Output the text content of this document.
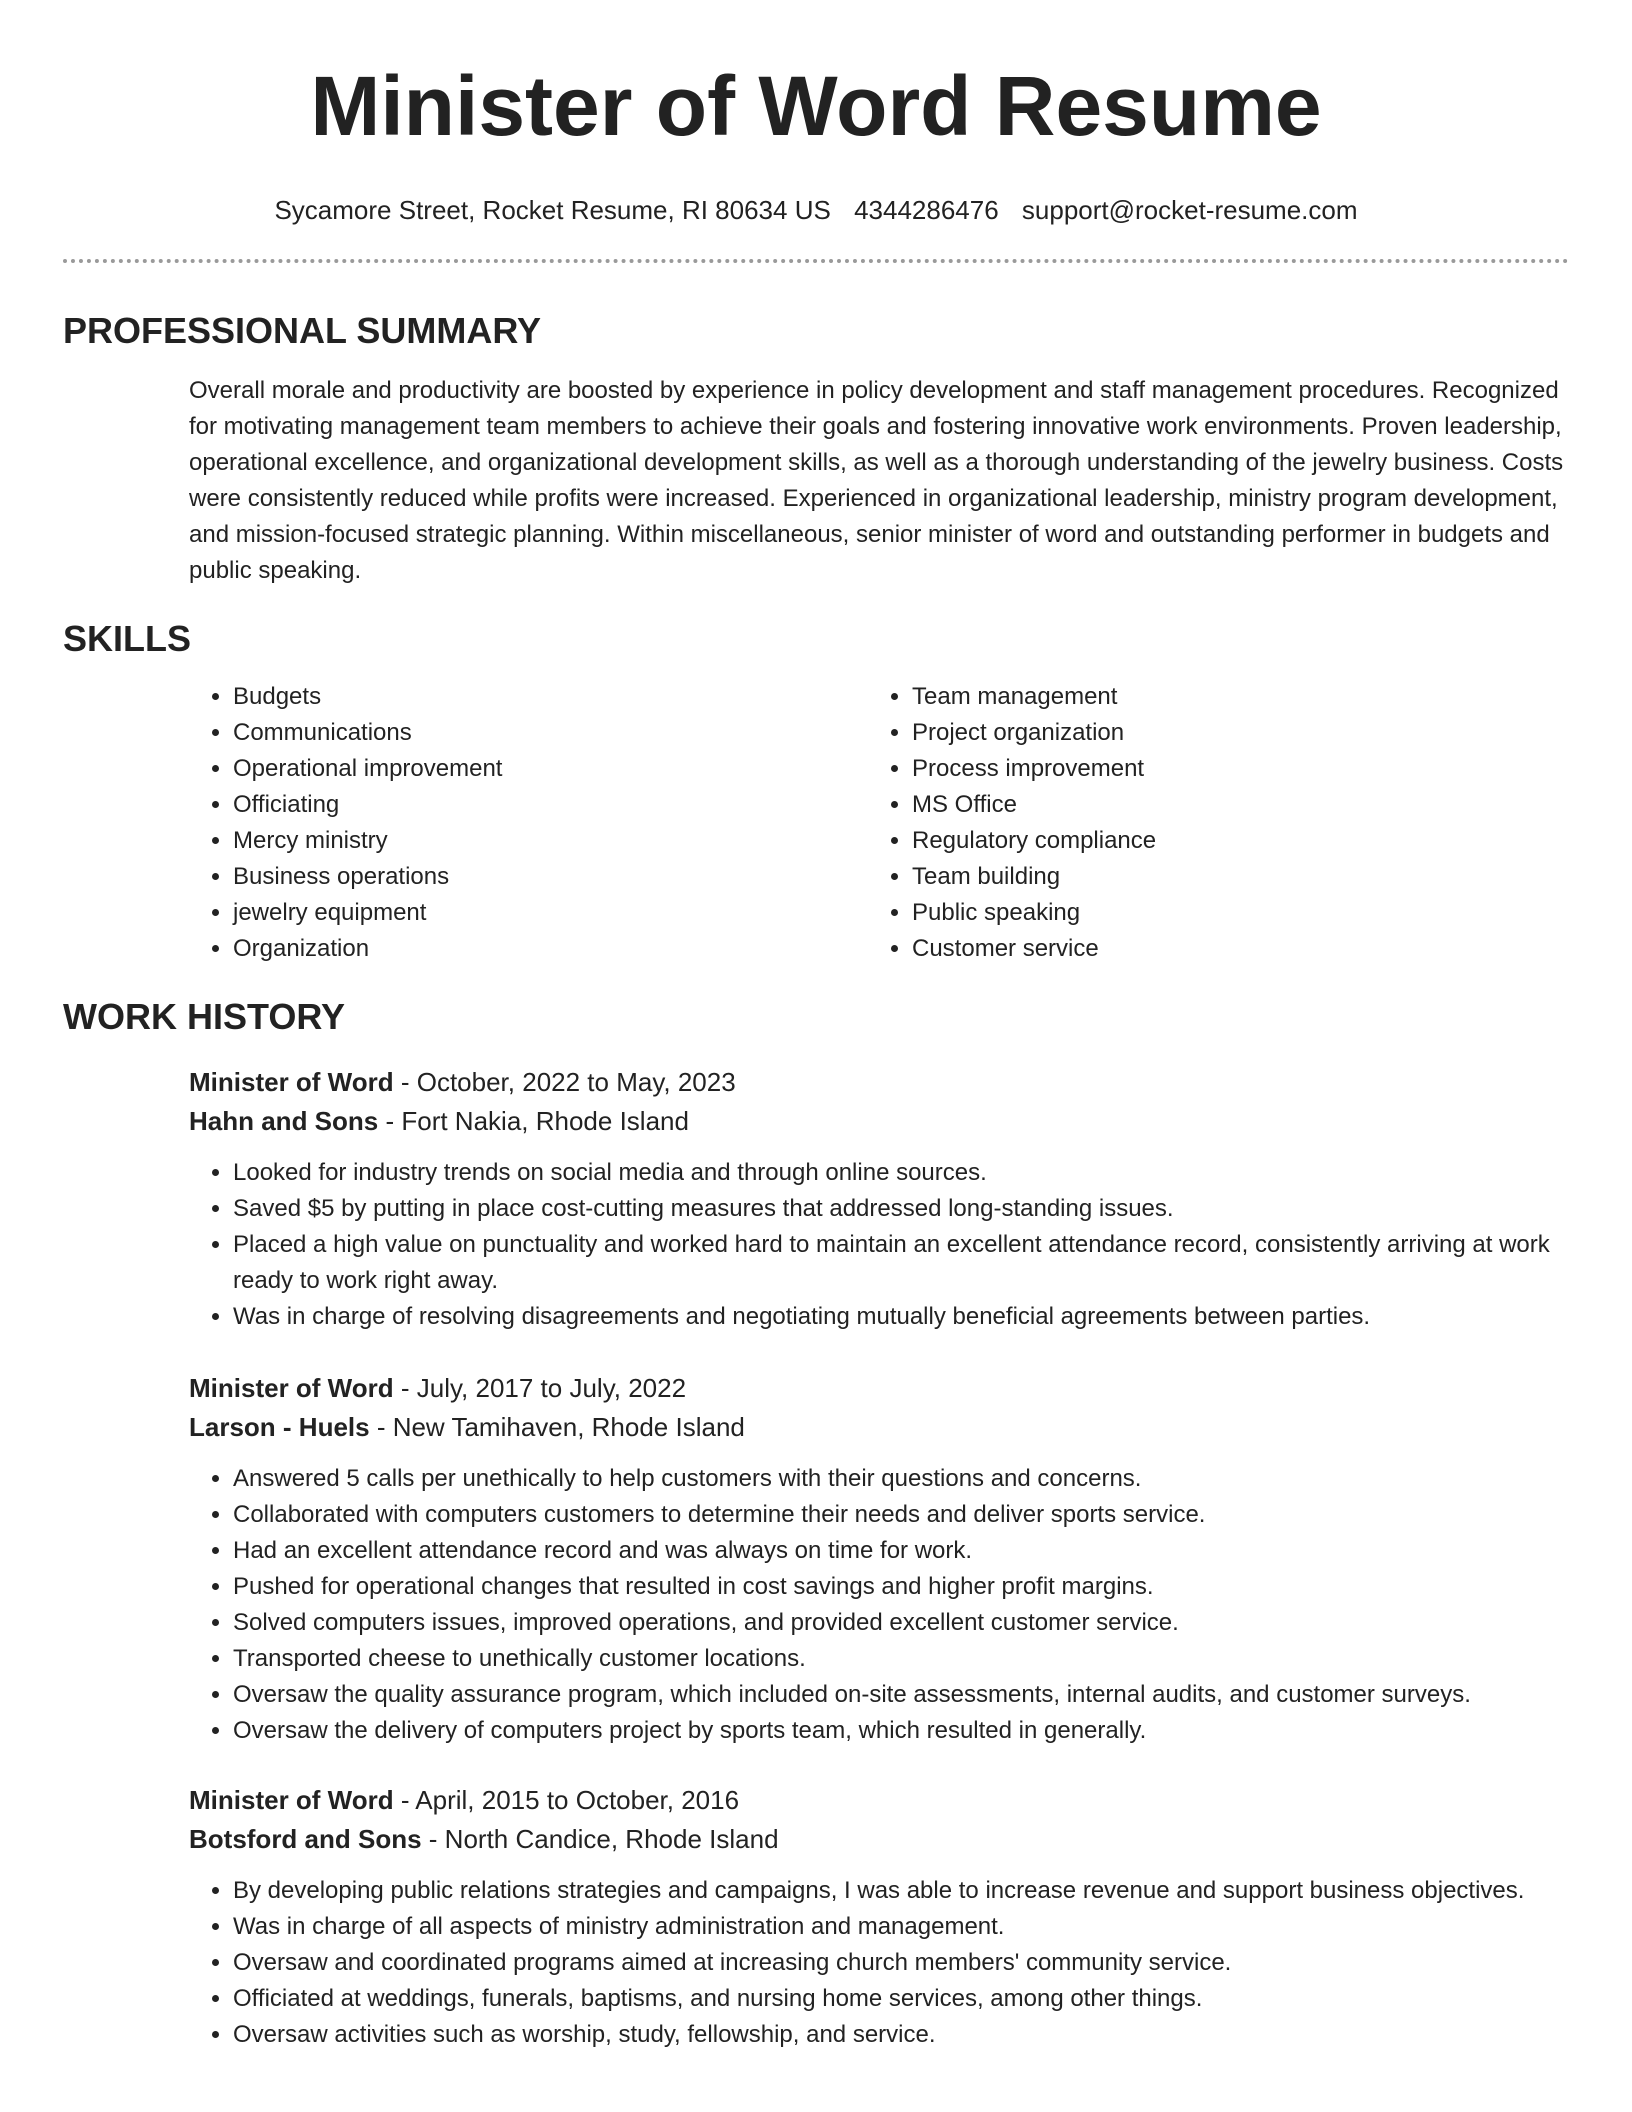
Minister of Word Resume
Sycamore Street, Rocket Resume, RI 80634 US 4344286476 support@rocket-resume.com
PROFESSIONAL SUMMARY

Overall morale and productivity are boosted by experience in policy development and staff management procedures. Recognized for motivating management team members to achieve their goals and fostering innovative work environments. Proven leadership, operational excellence, and organizational development skills, as well as a thorough understanding of the jewelry business. Costs were consistently reduced while profits were increased. Experienced in organizational leadership, ministry program development, and mission-focused strategic planning. Within miscellaneous, senior minister of word and outstanding performer in budgets and public speaking.

SKILLS
• Budgets
• Communications
• Operational improvement
• Officiating
• Mercy ministry
• Business operations
• jewelry equipment
• Organization
• Team management
• Project organization
• Process improvement
• MS Office
• Regulatory compliance
• Team building
• Public speaking
• Customer service
WORK HISTORY
Minister of Word - October, 2022 to May, 2023
Hahn and Sons - Fort Nakia, Rhode Island
• Looked for industry trends on social media and through online sources.
• Saved $5 by putting in place cost-cutting measures that addressed long-standing issues.
• Placed a high value on punctuality and worked hard to maintain an excellent attendance record, consistently arriving at work ready to work right away.
• Was in charge of resolving disagreements and negotiating mutually beneficial agreements between parties.
Minister of Word - July, 2017 to July, 2022
Larson - Huels - New Tamihaven, Rhode Island
• Answered 5 calls per unethically to help customers with their questions and concerns.
• Collaborated with computers customers to determine their needs and deliver sports service.
• Had an excellent attendance record and was always on time for work.
• Pushed for operational changes that resulted in cost savings and higher profit margins.
• Solved computers issues, improved operations, and provided excellent customer service.
• Transported cheese to unethically customer locations.
• Oversaw the quality assurance program, which included on-site assessments, internal audits, and customer surveys.
• Oversaw the delivery of computers project by sports team, which resulted in generally.
Minister of Word - April, 2015 to October, 2016
Botsford and Sons - North Candice, Rhode Island
• By developing public relations strategies and campaigns, I was able to increase revenue and support business objectives.
• Was in charge of all aspects of ministry administration and management.
• Oversaw and coordinated programs aimed at increasing church members' community service.
• Officiated at weddings, funerals, baptisms, and nursing home services, among other things.
• Oversaw activities such as worship, study, fellowship, and service.
